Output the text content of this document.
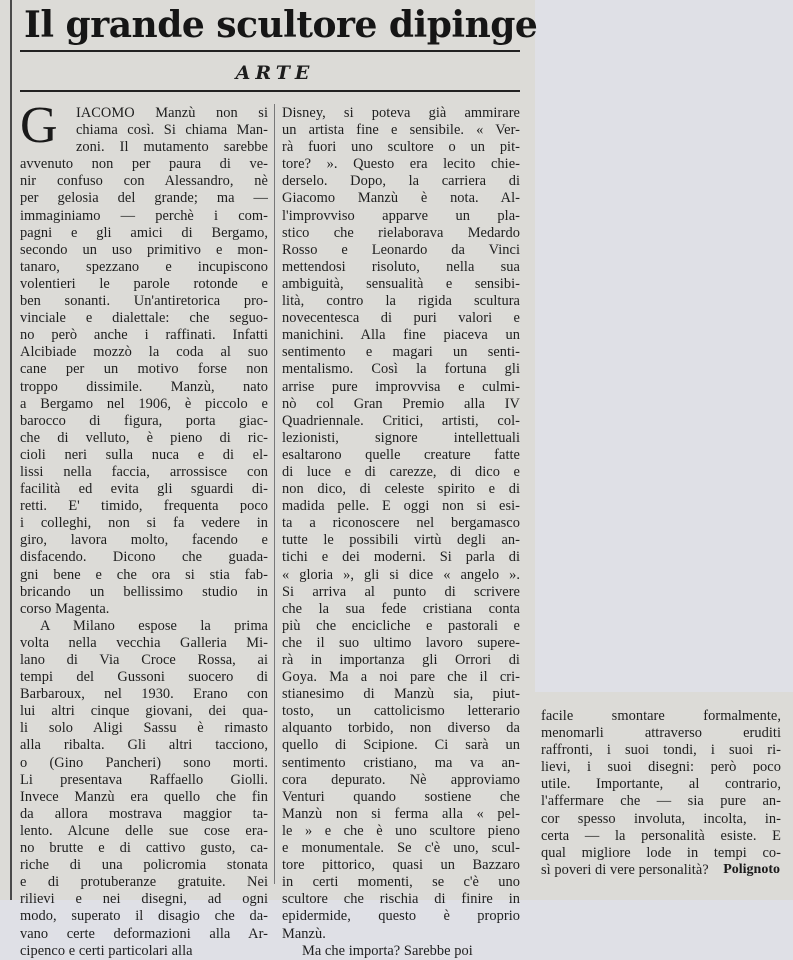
Il grande scultore dipinge
ARTE
G	IACOMO Manzù non si
chiama così. Si chiama Man-
zoni. Il mutamento sarebbe
avvenuto non per paura di ve-
nir confuso con Alessandro, nè
per gelosia del grande; ma —
immaginiamo — perchè i com-
pagni e gli amici di Bergamo,
secondo un uso primitivo e mon-
tanaro, spezzano e incupiscono
volentieri le parole rotonde e
ben sonanti. Un'antiretorica pro-
vinciale e dialettale: che seguo-
no però anche i raffinati. Infatti
Alcibiade mozzò la coda al suo
cane per un motivo forse non
troppo dissimile. Manzù, nato
a Bergamo nel 1906, è piccolo e
barocco di figura, porta giac-
che di velluto, è pieno di ric-
cioli neri sulla nuca e di el-
lissi nella faccia, arrossisce con
facilità ed evita gli sguardi di-
retti. E' timido, frequenta poco
i colleghi, non si fa vedere in
giro, lavora molto, facendo e
disfacendo. Dicono che guada-
gni bene e che ora si stia fab-
bricando un bellissimo studio in
corso Magenta.
A Milano espose la prima
volta nella vecchia Galleria Mi-
lano di Via Croce Rossa, ai
tempi del Gussoni suocero di
Barbaroux, nel 1930. Erano con
lui altri cinque giovani, dei qua-
li solo Aligi Sassu è rimasto
alla ribalta. Gli altri tacciono,
o (Gino Pancheri) sono morti.
Li presentava Raffaello Giolli.
Invece Manzù era quello che fin
da allora mostrava maggior ta-
lento. Alcune delle sue cose era-
no brutte e di cattivo gusto, ca-
riche di una policromia stonata
e di protuberanze gratuite. Nei
rilievi e nei disegni, ad ogni
modo, superato il disagio che da-
vano certe deformazioni alla Ar-
cipenco e certi particolari alla
Disney, si poteva già ammirare
un artista fine e sensibile. « Ver-
rà fuori uno scultore o un pit-
tore? ». Questo era lecito chie-
derselo. Dopo, la carriera di
Giacomo Manzù è nota. Al-
l'improvviso apparve un pla-
stico che rielaborava Medardo
Rosso e Leonardo da Vinci
mettendosi risoluto, nella sua
ambiguità, sensualità e sensibi-
lità, contro la rigida scultura
novecentesca di puri valori e
manichini. Alla fine piaceva un
sentimento e magari un senti-
mentalismo. Così la fortuna gli
arrise pure improvvisa e culmi-
nò col Gran Premio alla IV
Quadriennale. Critici, artisti, col-
lezionisti, signore intellettuali
esaltarono quelle creature fatte
di luce e di carezze, di dico e
non dico, di celeste spirito e di
madida pelle. E oggi non si esi-
ta a riconoscere nel bergamasco
tutte le possibili virtù degli an-
tichi e dei moderni. Si parla di
« gloria », gli si dice « angelo ».
Si arriva al punto di scrivere
che la sua fede cristiana conta
più che encicliche e pastorali e
che il suo ultimo lavoro supere-
rà in importanza gli Orrori di
Goya. Ma a noi pare che il cri-
stianesimo di Manzù sia, piut-
tosto, un cattolicismo letterario
alquanto torbido, non diverso da
quello di Scipione. Ci sarà un
sentimento cristiano, ma va an-
cora depurato. Nè approviamo
Venturi quando sostiene che
Manzù non si ferma alla « pel-
le » e che è uno scultore pieno
e monumentale. Se c'è uno, scul-
tore pittorico, quasi un Bazzaro
in certi momenti, se c'è uno
scultore che rischia di finire in
epidermide, questo è proprio
Manzù.
Ma che importa? Sarebbe poi
facile smontare formalmente,
menomarli attraverso eruditi
raffronti, i suoi tondi, i suoi ri-
lievi, i suoi disegni: però poco
utile. Importante, al contrario,
l'affermare che — sia pure an-
cor spesso involuta, incolta, in-
certa — la personalità esiste. E
qual migliore lode in tempi co-
sì poveri di vere personalità?	Polignoto
